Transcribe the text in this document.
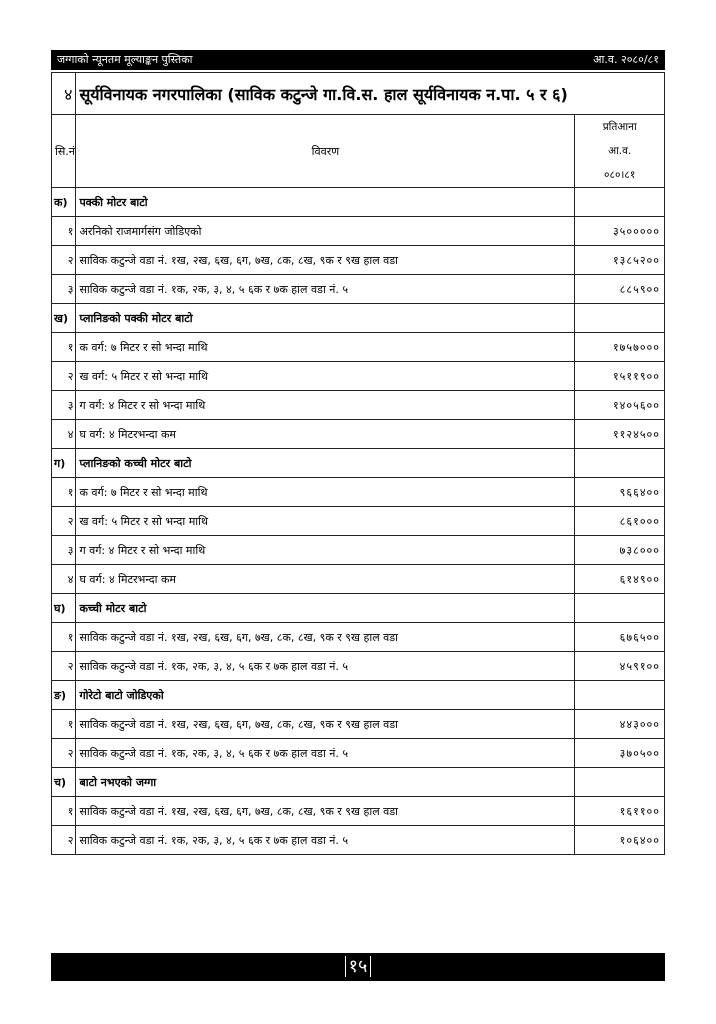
जग्गाको न्यूनतम मूल्याङ्कन पुस्तिका	आ.व. २०८०/८१
४	सूर्यविनायक नगरपालिका (साविक कटुन्जे गा.वि.स. हाल सूर्यविनायक न.पा. ५ र ६)	
सि.नं	विवरण	प्रतिआना
आ.व.
०८०।८१

क)	पक्की मोटर बाटो	
१	अरनिको राजमार्गसंग जोडिएको	३५०००००
२	साविक कटुन्जे वडा नं. १ख, २ख, ६ख, ६ग, ७ख, ८क, ८ख, ९क र ९ख हाल वडा	१३८५२००
३	साविक कटुन्जे वडा नं. १क, २क, ३, ४, ५ ६क र ७क हाल वडा नं. ५	८८५९००
ख)	प्लानिङको पक्की मोटर बाटो	
१	क वर्ग: ७ मिटर र सो भन्दा माथि	१७५७०००
२	ख वर्ग: ५ मिटर र सो भन्दा माथि	१५११९००
३	ग वर्ग: ४ मिटर र सो भन्दा माथि	१४०५६००
४	घ वर्ग: ४ मिटरभन्दा कम	११२४५००
ग)	प्लानिङको कच्ची मोटर बाटो	
१	क वर्ग: ७ मिटर र सो भन्दा माथि	९६६४००
२	ख वर्ग: ५ मिटर र सो भन्दा माथि	८६१०००
३	ग वर्ग: ४ मिटर र सो भन्दा माथि	७३८०००
४	घ वर्ग: ४ मिटरभन्दा कम	६१४९००
घ)	कच्ची मोटर बाटो	
१	साविक कटुन्जे वडा नं. १ख, २ख, ६ख, ६ग, ७ख, ८क, ८ख, ९क र ९ख हाल वडा	६७६५००
२	साविक कटुन्जे वडा नं. १क, २क, ३, ४, ५ ६क र ७क हाल वडा नं. ५	४५९१००
ङ)	गोरेटो बाटो जोडिएको	
१	साविक कटुन्जे वडा नं. १ख, २ख, ६ख, ६ग, ७ख, ८क, ८ख, ९क र ९ख हाल वडा	४४३०००
२	साविक कटुन्जे वडा नं. १क, २क, ३, ४, ५ ६क र ७क हाल वडा नं. ५	३७०५००
च)	बाटो नभएको जग्गा	
१	साविक कटुन्जे वडा नं. १ख, २ख, ६ख, ६ग, ७ख, ८क, ८ख, ९क र ९ख हाल वडा	१६११००
२	साविक कटुन्जे वडा नं. १क, २क, ३, ४, ५ ६क र ७क हाल वडा नं. ५	१०६४००
१५
